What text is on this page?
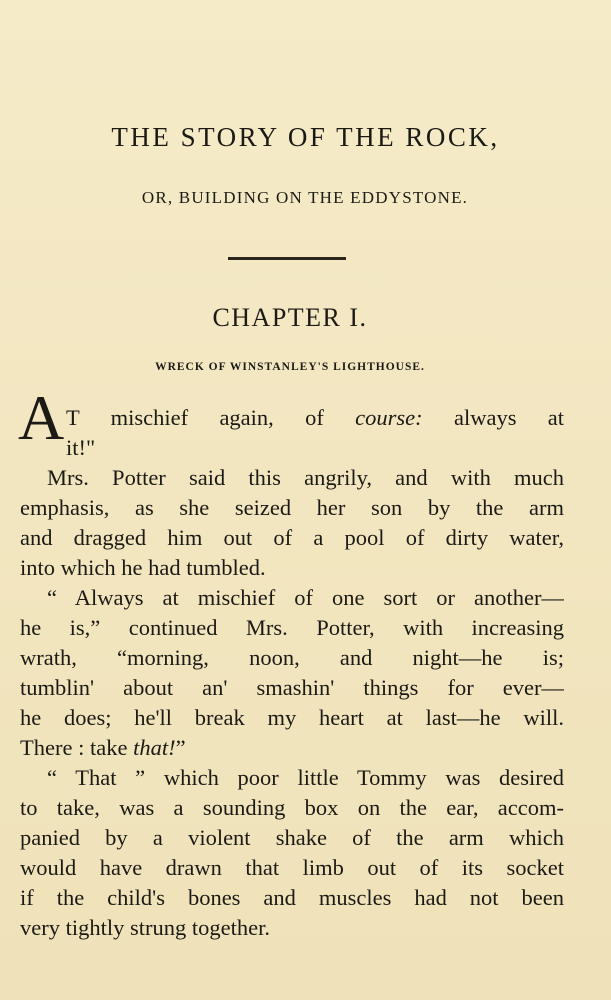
THE STORY OF THE ROCK,
OR, BUILDING ON THE EDDYSTONE.
CHAPTER I.
WRECK OF WINSTANLEY'S LIGHTHOUSE.
A T mischief again, of course: always at
it!"
Mrs. Potter said this angrily, and with much
emphasis, as she seized her son by the arm
and dragged him out of a pool of dirty water,
into which he had tumbled.
“ Always at mischief of one sort or another—
he is,” continued Mrs. Potter, with increasing
wrath, “morning, noon, and night—he is;
tumblin' about an' smashin' things for ever—
he does; he'll break my heart at last—he will.
There : take that!”
“ That ” which poor little Tommy was desired
to take, was a sounding box on the ear, accom-
panied by a violent shake of the arm which
would have drawn that limb out of its socket
if the child's bones and muscles had not been
very tightly strung together.
